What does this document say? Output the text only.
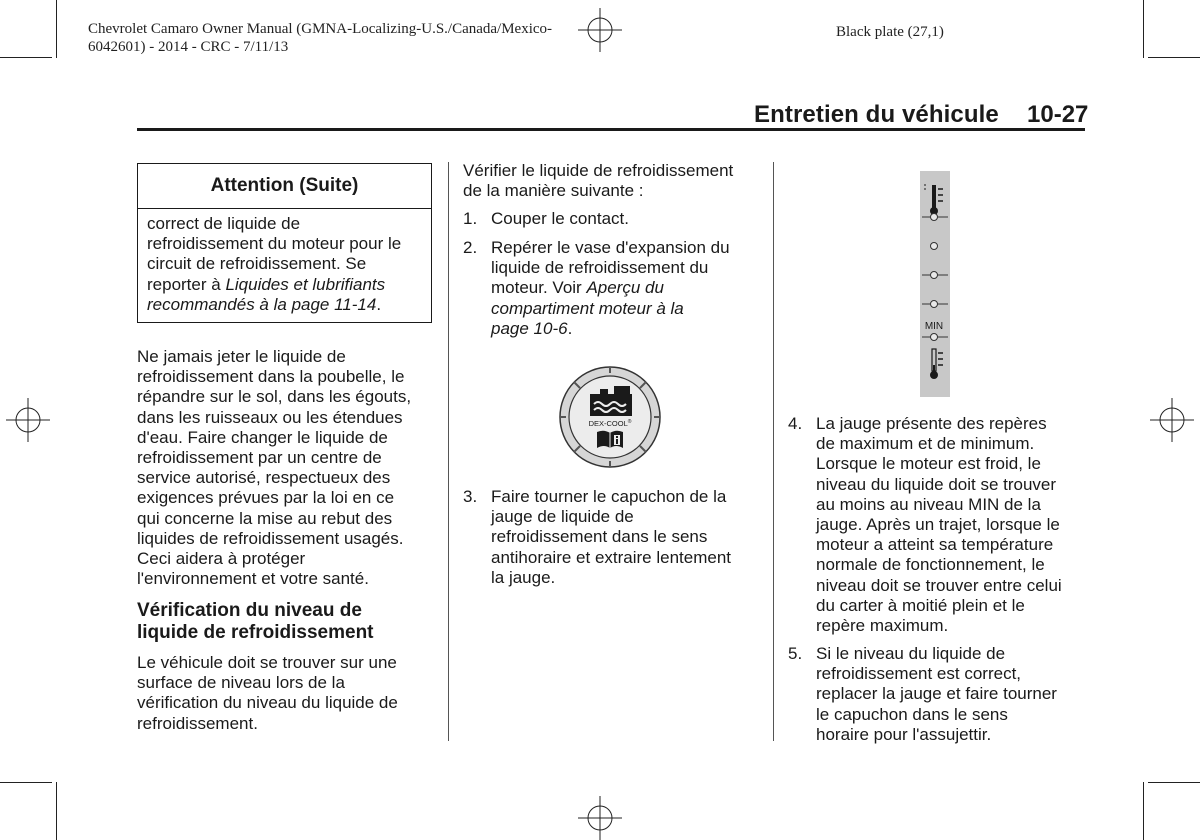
Chevrolet Camaro Owner Manual (GMNA-Localizing-U.S./Canada/Mexico-
6042601) - 2014 - CRC - 7/11/13
Black plate (27,1)
Entretien du véhicule 10-27
Attention (Suite)

correct de liquide de

refroidissement du moteur pour le

circuit de refroidissement. Se

reporter à Liquides et lubrifiants

recommandés à la page 11-14.

Ne jamais jeter le liquide de

refroidissement dans la poubelle, le

répandre sur le sol, dans les égouts,

dans les ruisseaux ou les étendues

d'eau. Faire changer le liquide de

refroidissement par un centre de

service autorisé, respectueux des

exigences prévues par la loi en ce

qui concerne la mise au rebut des

liquides de refroidissement usagés.

Ceci aidera à protéger

l'environnement et votre santé.

Vérification du niveau de
liquide de refroidissement

Le véhicule doit se trouver sur une

surface de niveau lors de la

vérification du niveau du liquide de

refroidissement.

Vérifier le liquide de refroidissement

de la manière suivante :

1. Couper le contact.

2. Repérer le vase d'expansion du

liquide de refroidissement du

moteur. Voir Aperçu du

compartiment moteur à la

page 10-6.

DEX-COOL®
3. Faire tourner le capuchon de la

jauge de liquide de

refroidissement dans le sens

antihoraire et extraire lentement

la jauge.

MIN
4. La jauge présente des repères

de maximum et de minimum.

Lorsque le moteur est froid, le

niveau du liquide doit se trouver

au moins au niveau MIN de la

jauge. Après un trajet, lorsque le

moteur a atteint sa température

normale de fonctionnement, le

niveau doit se trouver entre celui

du carter à moitié plein et le

repère maximum.

5. Si le niveau du liquide de

refroidissement est correct,

replacer la jauge et faire tourner

le capuchon dans le sens

horaire pour l'assujettir.
